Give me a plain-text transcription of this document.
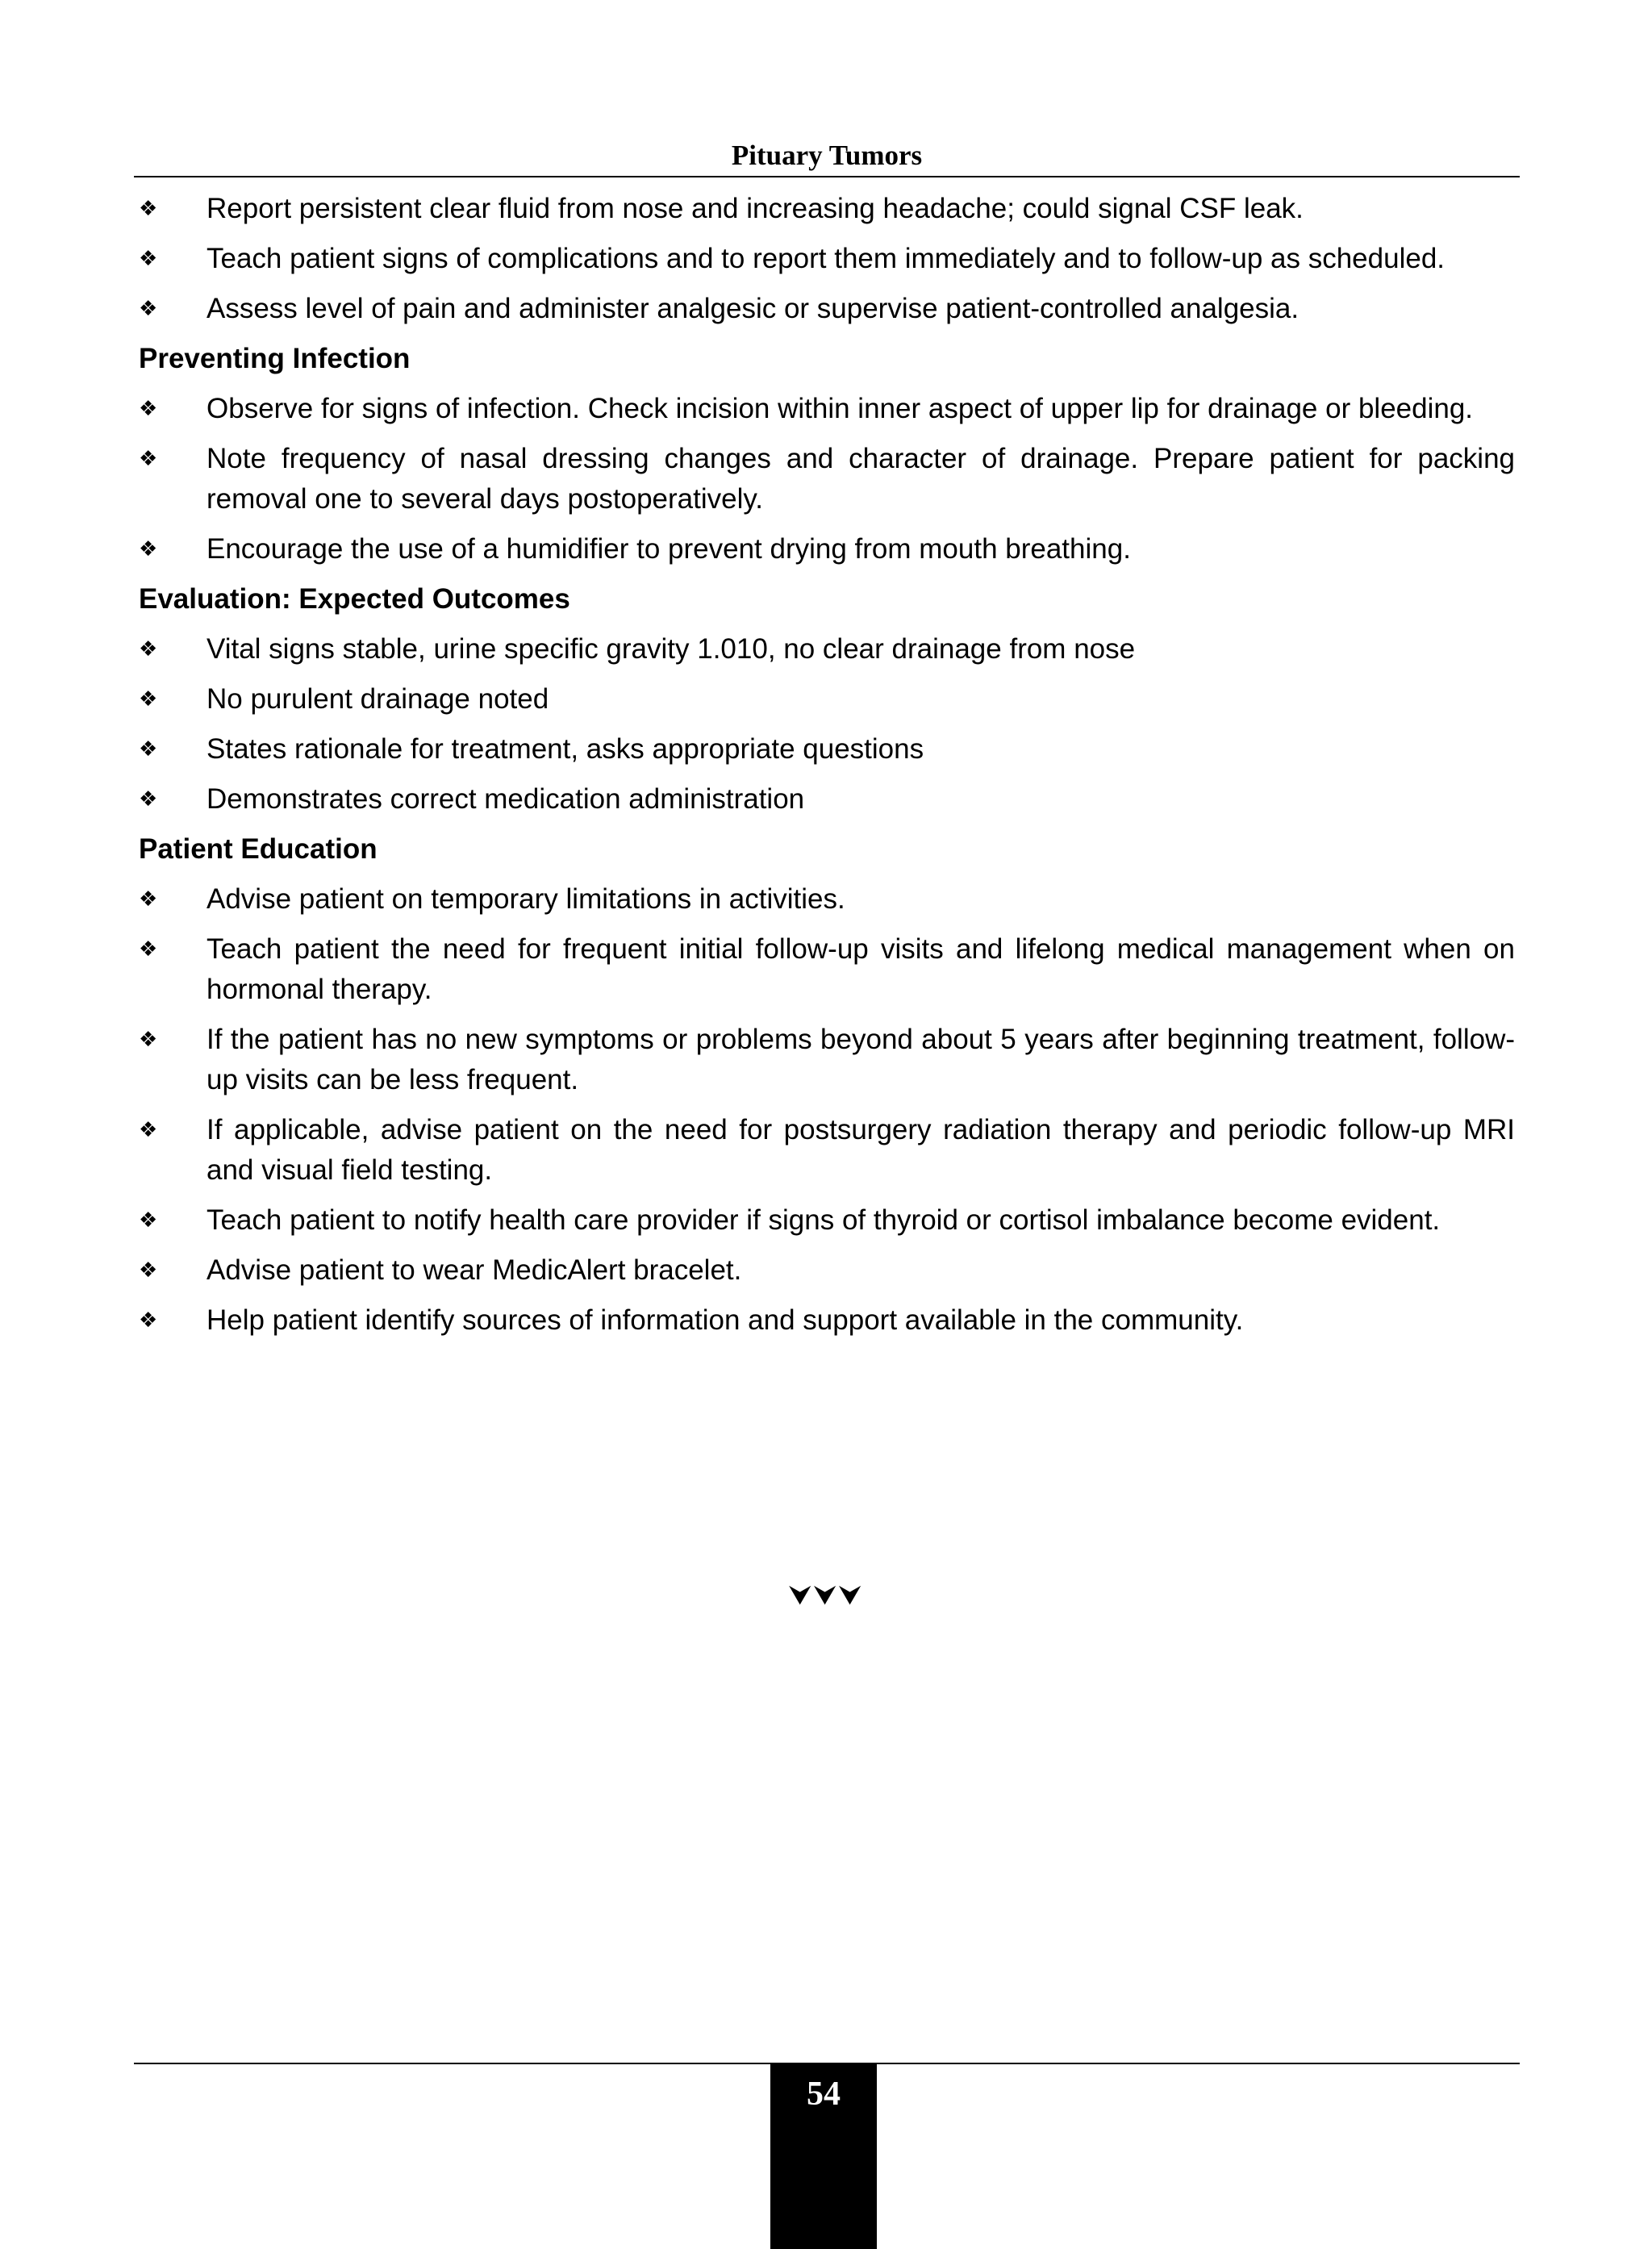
Pituary Tumors
❖ Report persistent clear fluid from nose and increasing headache; could signal CSF leak.
❖ Teach patient signs of complications and to report them immediately and to follow-up as scheduled.
❖ Assess level of pain and administer analgesic or supervise patient-controlled analgesia.
Preventing Infection
❖ Observe for signs of infection. Check incision within inner aspect of upper lip for drainage or bleeding.
❖ Note frequency of nasal dressing changes and character of drainage. Prepare patient for packing removal one to several days postoperatively.
❖ Encourage the use of a humidifier to prevent drying from mouth breathing.
Evaluation: Expected Outcomes
❖ Vital signs stable, urine specific gravity 1.010, no clear drainage from nose
❖ No purulent drainage noted
❖ States rationale for treatment, asks appropriate questions
❖ Demonstrates correct medication administration
Patient Education
❖ Advise patient on temporary limitations in activities.
❖ Teach patient the need for frequent initial follow-up visits and lifelong medical management when on hormonal therapy.
❖ If the patient has no new symptoms or problems beyond about 5 years after beginning treatment, follow-up visits can be less frequent.
❖ If applicable, advise patient on the need for postsurgery radiation therapy and periodic follow-up MRI and visual field testing.
❖ Teach patient to notify health care provider if signs of thyroid or cortisol imbalance become evident.
❖ Advise patient to wear MedicAlert bracelet.
❖ Help patient identify sources of information and support available in the community.
⮟⮟⮟
54
